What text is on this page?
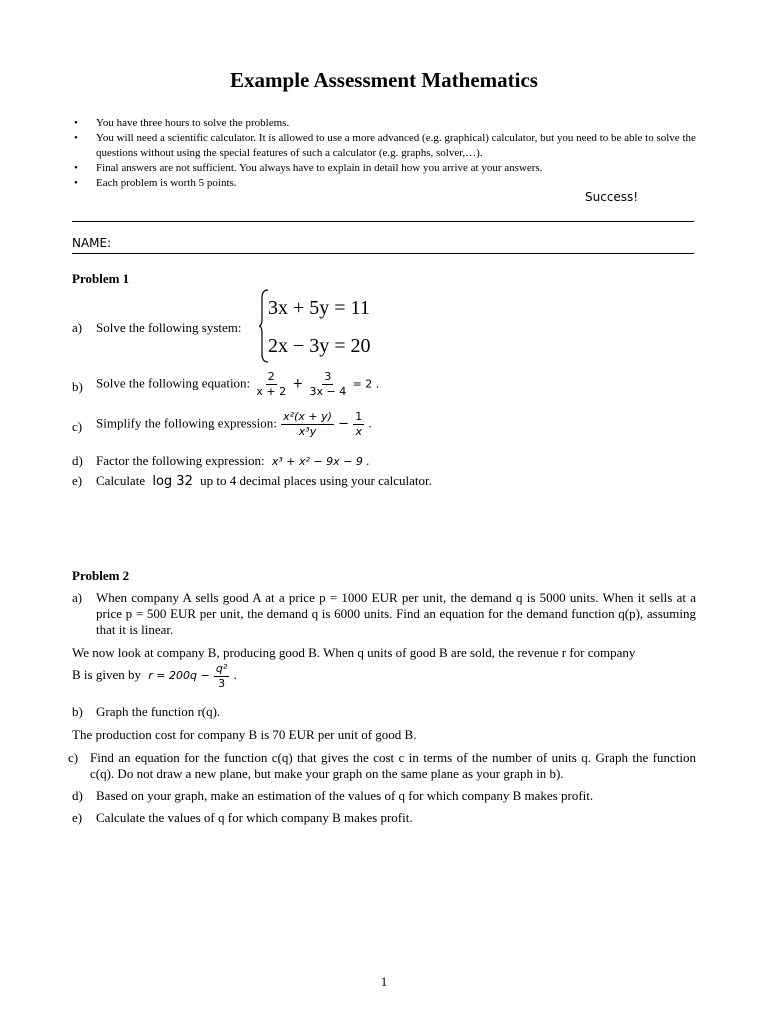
Example Assessment Mathematics
• You have three hours to solve the problems.
• You will need a scientific calculator. It is allowed to use a more advanced (e.g. graphical) calculator, but you need to be able to solve the questions without using the special features of such a calculator (e.g. graphs, solver,…).
• Final answers are not sufficient. You always have to explain in detail how you arrive at your answers.
• Each problem is worth 5 points.
Success!
NAME:
Problem 1
a) Solve the following system:
3x + 5y = 11
2x − 3y = 20
b) Solve the following equation: $\frac{2}{x + 2} + \frac{3}{3x - 4} = 2$ .
c) Simplify the following expression: $\frac{\text{x²(x + y)}}{\text{x³y}} - \frac{1}{x}$ .
d) Factor the following expression: x³ + x² − 9x − 9 .
e) Calculate log 32 up to 4 decimal places using your calculator.
Problem 2
a) When company A sells good A at a price p = 1000 EUR per unit, the demand q is 5000 units. When it sells at a price p = 500 EUR per unit, the demand q is 6000 units. Find an equation for the demand function q(p), assuming that it is linear.
We now look at company B, producing good B. When q units of good B are sold, the revenue r for company
B is given by $r = 200q - \frac{\text{q²}}{3}$ .
b) Graph the function r(q).
The production cost for company B is 70 EUR per unit of good B.
c) Find an equation for the function c(q) that gives the cost c in terms of the number of units q. Graph the function c(q). Do not draw a new plane, but make your graph on the same plane as your graph in b).
d) Based on your graph, make an estimation of the values of q for which company B makes profit.
e) Calculate the values of q for which company B makes profit.
1
